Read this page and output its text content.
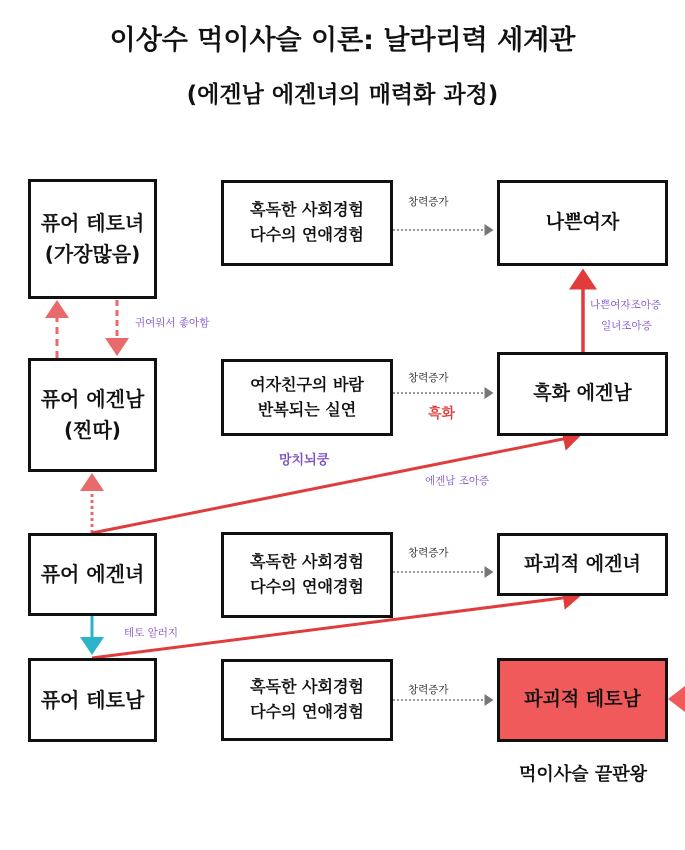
이상수 먹이사슬 이론: 날라리력 세계관
(에겐남 에겐녀의 매력화 과정)
퓨어 테토녀
(가장많음)
퓨어 에겐남
(찐따)
퓨어 에겐녀
퓨어 테토남
혹독한 사회경험
다수의 연애경험
여자친구의 바람
반복되는 실연
혹독한 사회경험
다수의 연애경험
혹독한 사회경험
다수의 연애경험
나쁜여자
흑화 에겐남
파괴적 에겐녀
파괴적 테토남
창력증가
창력증가
창력증가
창력증가
귀여워서 좋아함
나쁜여자조아증
일녀조아증
흑화
망치뇌쿵
에겐남 조아증
테토 알러지
먹이사슬 끝판왕
